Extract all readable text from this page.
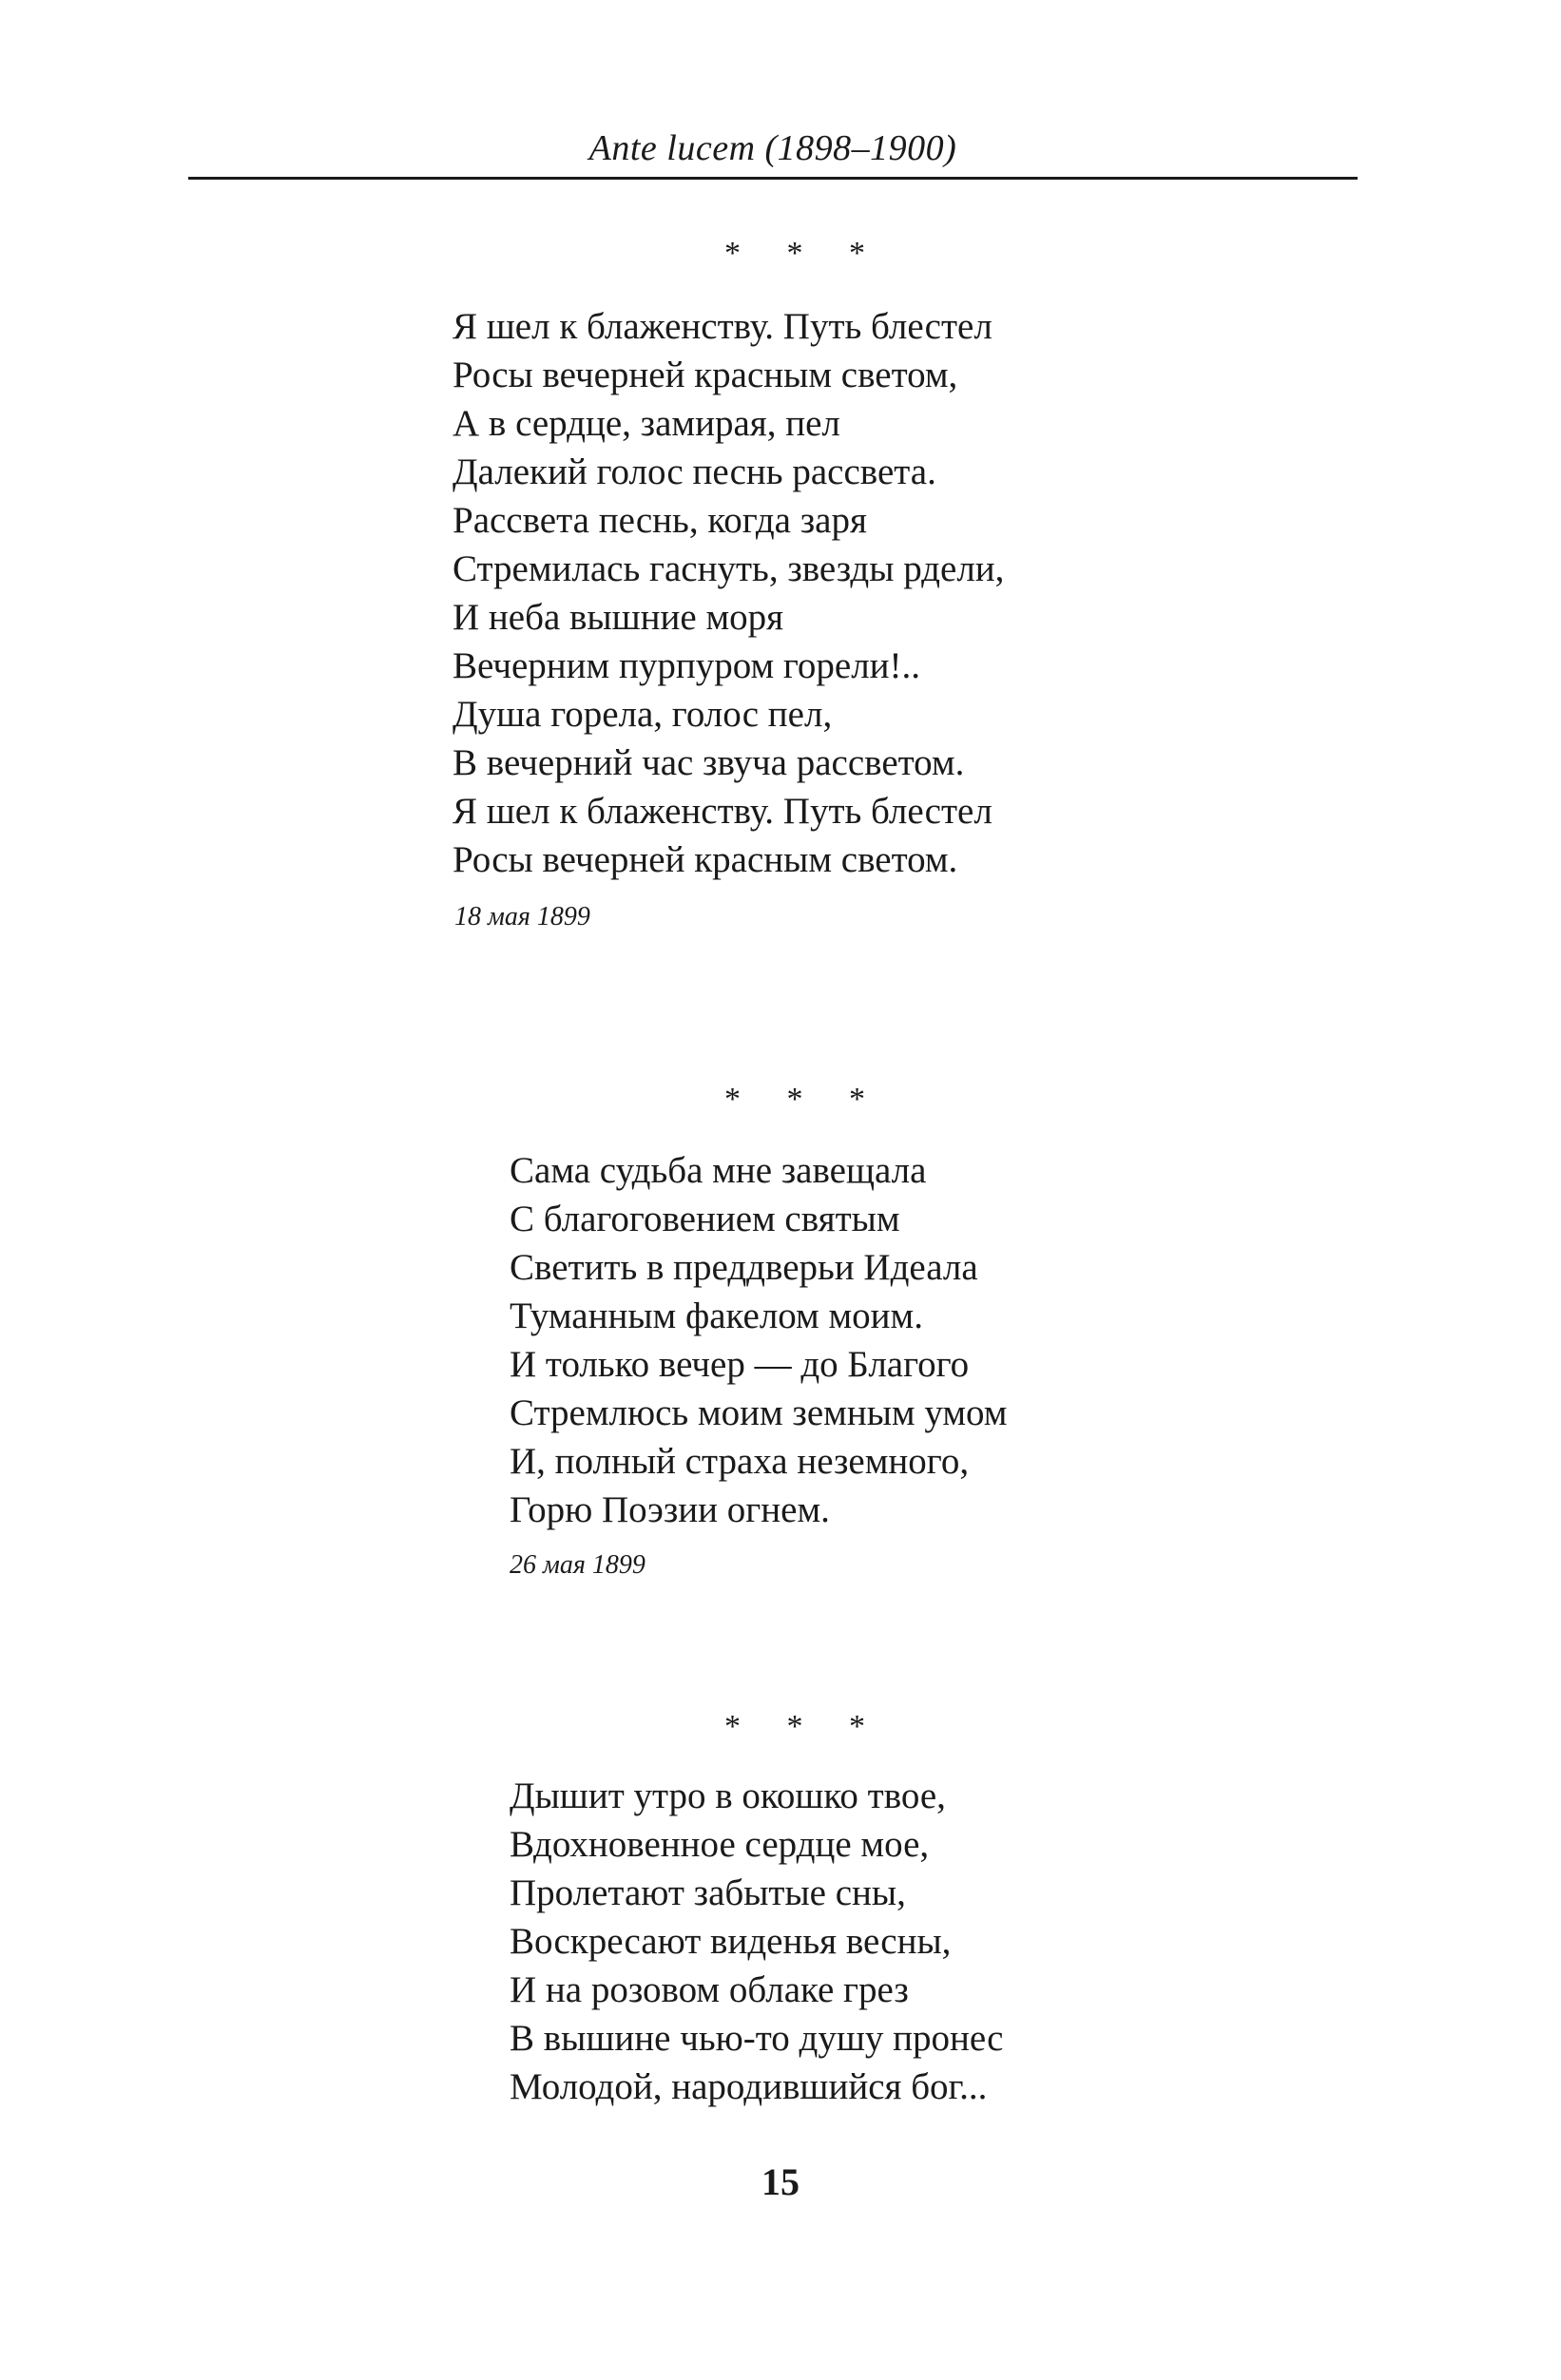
Ante lucem (1898–1900)
* * *
Я шел к блаженству. Путь блестел
Росы вечерней красным светом,
А в сердце, замирая, пел
Далекий голос песнь рассвета.
Рассвета песнь, когда заря
Стремилась гаснуть, звезды рдели,
И неба вышние моря
Вечерним пурпуром горели!..
Душа горела, голос пел,
В вечерний час звуча рассветом.
Я шел к блаженству. Путь блестел
Росы вечерней красным светом.
18 мая 1899
* * *
Сама судьба мне завещала
С благоговением святым
Светить в преддверьи Идеала
Туманным факелом моим.
И только вечер — до Благого
Стремлюсь моим земным умом
И, полный страха неземного,
Горю Поэзии огнем.
26 мая 1899
* * *
Дышит утро в окошко твое,
Вдохновенное сердце мое,
Пролетают забытые сны,
Воскресают виденья весны,
И на розовом облаке грез
В вышине чью-то душу пронес
Молодой, народившийся бог...
15
